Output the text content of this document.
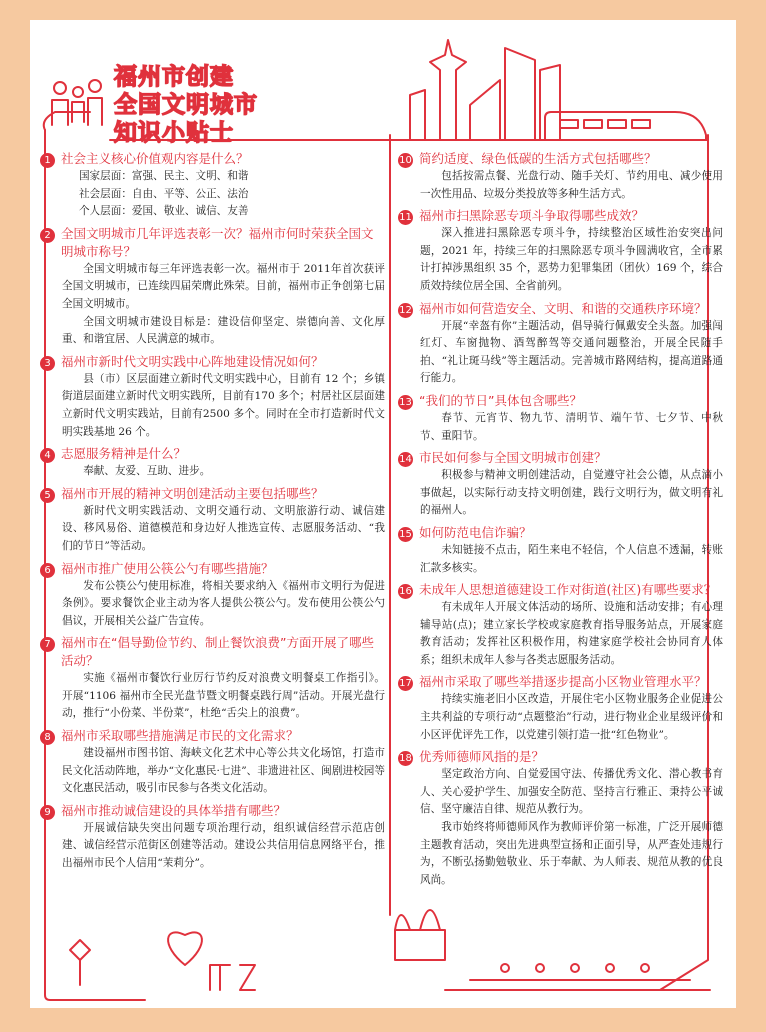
福州市创建
全国文明城市
知识小贴士
1 社会主义核心价值观内容是什么？

国家层面：富强、民主、文明、和谐

社会层面：自由、平等、公正、法治

个人层面：爱国、敬业、诚信、友善

2 全国文明城市几年评选表彰一次？福州市何时荣获全国文明城市称号？

全国文明城市每三年评选表彰一次。福州市于 2011年首次获评全国文明城市，已连续四届荣膺此殊荣。目前，福州市正争创第七届全国文明城市。

全国文明城市建设目标是：建设信仰坚定、崇德向善、文化厚重、和谐宜居、人民满意的城市。

3 福州市新时代文明实践中心阵地建设情况如何？

县（市）区层面建立新时代文明实践中心，目前有 12 个；乡镇街道层面建立新时代文明实践所，目前有170 多个；村居社区层面建立新时代文明实践站，目前有2500 多个。同时在全市打造新时代文明实践基地 26 个。

4 志愿服务精神是什么？

奉献、友爱、互助、进步。

5 福州市开展的精神文明创建活动主要包括哪些？

新时代文明实践活动、文明交通行动、文明旅游行动、诚信建设、移风易俗、道德模范和身边好人推选宣传、志愿服务活动、“我们的节日”等活动。

6 福州市推广使用公筷公勺有哪些措施？

发布公筷公勺使用标准，将相关要求纳入《福州市文明行为促进条例》。要求餐饮企业主动为客人提供公筷公勺。发布使用公筷公勺倡议，开展相关公益广告宣传。

7 福州市在“倡导勤俭节约、制止餐饮浪费”方面开展了哪些活动？

实施《福州市餐饮行业厉行节约反对浪费文明餐桌工作指引》。开展“1106 福州市全民光盘节暨文明餐桌践行周”活动。开展光盘行动，推行“小份菜、半份菜”，杜绝“舌尖上的浪费”。

8 福州市采取哪些措施满足市民的文化需求？

建设福州市图书馆、海峡文化艺术中心等公共文化场馆，打造市民文化活动阵地，举办“文化惠民·七进”、非遗进社区、闽剧进校园等文化惠民活动，吸引市民参与各类文化活动。

9 福州市推动诚信建设的具体举措有哪些？

开展诚信缺失突出问题专项治理行动，组织诚信经营示范店创建、诚信经营示范街区创建等活动。建设公共信用信息网络平台，推出福州市民个人信用“茉莉分”。

10 简约适度、绿色低碳的生活方式包括哪些？

包括按需点餐、光盘行动、随手关灯、节约用电、减少使用一次性用品、垃圾分类投放等多种生活方式。

11 福州市扫黑除恶专项斗争取得哪些成效？

深入推进扫黑除恶专项斗争，持续整治区域性治安突出问题，2021 年，持续三年的扫黑除恶专项斗争圆满收官，全市累计打掉涉黑组织 35 个，恶势力犯罪集团（团伙）169 个，综合质效持续位居全国、全省前列。

12 福州市如何营造安全、文明、和谐的交通秩序环境？

开展“幸盔有你”主题活动，倡导骑行佩戴安全头盔。加强闯红灯、车窗抛物、酒驾醉驾等交通问题整治，开展全民随手拍、“礼让斑马线”等主题活动。完善城市路网结构，提高道路通行能力。

13 “我们的节日”具体包含哪些？

春节、元宵节、物九节、清明节、端午节、七夕节、中秋节、重阳节。

14 市民如何参与全国文明城市创建？

积极参与精神文明创建活动，自觉遵守社会公德，从点滴小事做起，以实际行动支持文明创建，践行文明行为，做文明有礼的福州人。

15 如何防范电信诈骗？

未知链接不点击，陌生来电不轻信，个人信息不透漏，转账汇款多核实。

16 未成年人思想道德建设工作对街道(社区)有哪些要求？

有未成年人开展文体活动的场所、设施和活动安排；有心理辅导站(点)；建立家长学校或家庭教育指导服务站点，开展家庭教育活动；发挥社区积极作用，构建家庭学校社会协同育人体系；组织未成年人参与各类志愿服务活动。

17 福州市采取了哪些举措逐步提高小区物业管理水平？

持续实施老旧小区改造，开展住宅小区物业服务企业促进公主共利益的专项行动“点题整治”行动，进行物业企业星级评价和小区评优评先工作，以党建引领打造一批“红色物业”。

18 优秀师德师风指的是？

坚定政治方向、自觉爱国守法、传播优秀文化、潜心教书育人、关心爱护学生、加强安全防范、坚持言行雅正、秉持公平诚信、坚守廉洁自律、规范从教行为。

我市始终将师德师风作为教师评价第一标准，广泛开展师德主题教育活动，突出先进典型宣扬和正面引导，从严查处违规行为，不断弘扬勤勉敬业、乐于奉献、为人师表、规范从教的优良风尚。
